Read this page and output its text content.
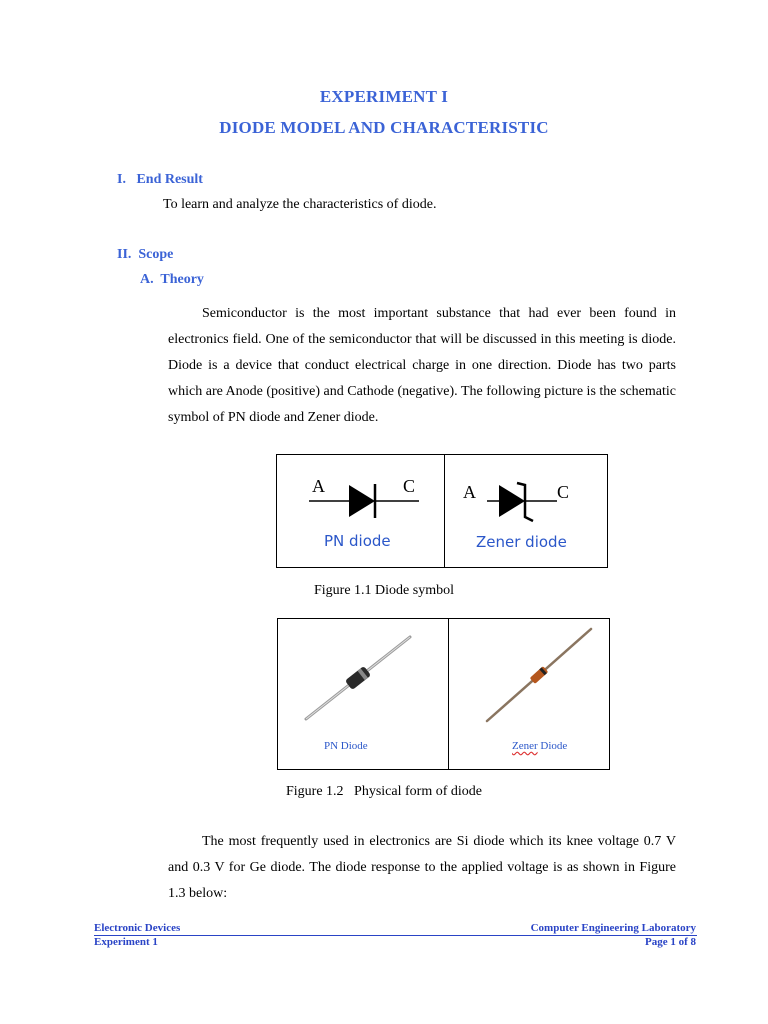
EXPERIMENT I
DIODE MODEL AND CHARACTERISTIC
I.   End Result
To learn and analyze the characteristics of diode.
II.  Scope
A.  Theory

Semiconductor is the most important substance that had ever been found in electronics field. One of the semiconductor that will be discussed in this meeting is diode. Diode is a device that conduct electrical charge in one direction. Diode has two parts which are Anode (positive) and Cathode (negative). The following picture is the schematic symbol of PN diode and Zener diode.

A	C
PN diode
A	C
Zener diode
Figure 1.1 Diode symbol
PN Diode	Zener Diode
Figure 1.2   Physical form of diode

The most frequently used in electronics are Si diode which its knee voltage 0.7 V and 0.3 V for Ge diode. The diode response to the applied voltage is as shown in Figure 1.3 below:

Electronic Devices	Computer Engineering Laboratory
Experiment 1	Page 1 of 8
